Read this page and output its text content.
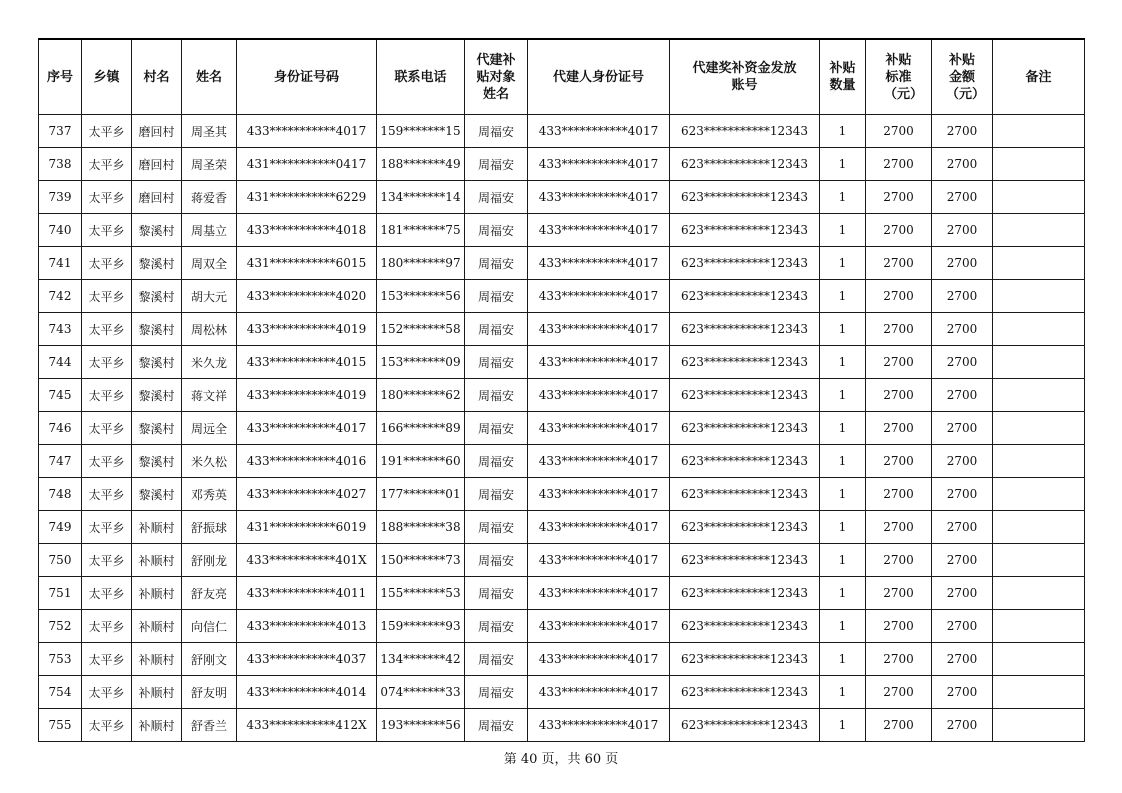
序号	乡镇	村名	姓名	身份证号码	联系电话	代建补贴对象姓名	代建人身份证号	代建奖补资金发放账号	补贴数量	补贴标准（元）	补贴金额（元）	备注
737	太平乡	磨回村	周圣其	433***********4017	159*******15	周福安	433***********4017	623***********12343	1	2700	2700	
738	太平乡	磨回村	周圣荣	431***********0417	188*******49	周福安	433***********4017	623***********12343	1	2700	2700	
739	太平乡	磨回村	蒋爱香	431***********6229	134*******14	周福安	433***********4017	623***********12343	1	2700	2700	
740	太平乡	黎溪村	周基立	433***********4018	181*******75	周福安	433***********4017	623***********12343	1	2700	2700	
741	太平乡	黎溪村	周双全	431***********6015	180*******97	周福安	433***********4017	623***********12343	1	2700	2700	
742	太平乡	黎溪村	胡大元	433***********4020	153*******56	周福安	433***********4017	623***********12343	1	2700	2700	
743	太平乡	黎溪村	周松林	433***********4019	152*******58	周福安	433***********4017	623***********12343	1	2700	2700	
744	太平乡	黎溪村	米久龙	433***********4015	153*******09	周福安	433***********4017	623***********12343	1	2700	2700	
745	太平乡	黎溪村	蒋文祥	433***********4019	180*******62	周福安	433***********4017	623***********12343	1	2700	2700	
746	太平乡	黎溪村	周远全	433***********4017	166*******89	周福安	433***********4017	623***********12343	1	2700	2700	
747	太平乡	黎溪村	米久松	433***********4016	191*******60	周福安	433***********4017	623***********12343	1	2700	2700	
748	太平乡	黎溪村	邓秀英	433***********4027	177*******01	周福安	433***********4017	623***********12343	1	2700	2700	
749	太平乡	补顺村	舒振球	431***********6019	188*******38	周福安	433***********4017	623***********12343	1	2700	2700	
750	太平乡	补顺村	舒刚龙	433***********401X	150*******73	周福安	433***********4017	623***********12343	1	2700	2700	
751	太平乡	补顺村	舒友亮	433***********4011	155*******53	周福安	433***********4017	623***********12343	1	2700	2700	
752	太平乡	补顺村	向信仁	433***********4013	159*******93	周福安	433***********4017	623***********12343	1	2700	2700	
753	太平乡	补顺村	舒刚文	433***********4037	134*******42	周福安	433***********4017	623***********12343	1	2700	2700	
754	太平乡	补顺村	舒友明	433***********4014	074*******33	周福安	433***********4017	623***********12343	1	2700	2700	
755	太平乡	补顺村	舒香兰	433***********412X	193*******56	周福安	433***********4017	623***********12343	1	2700	2700	
第 40 页，共 60 页
